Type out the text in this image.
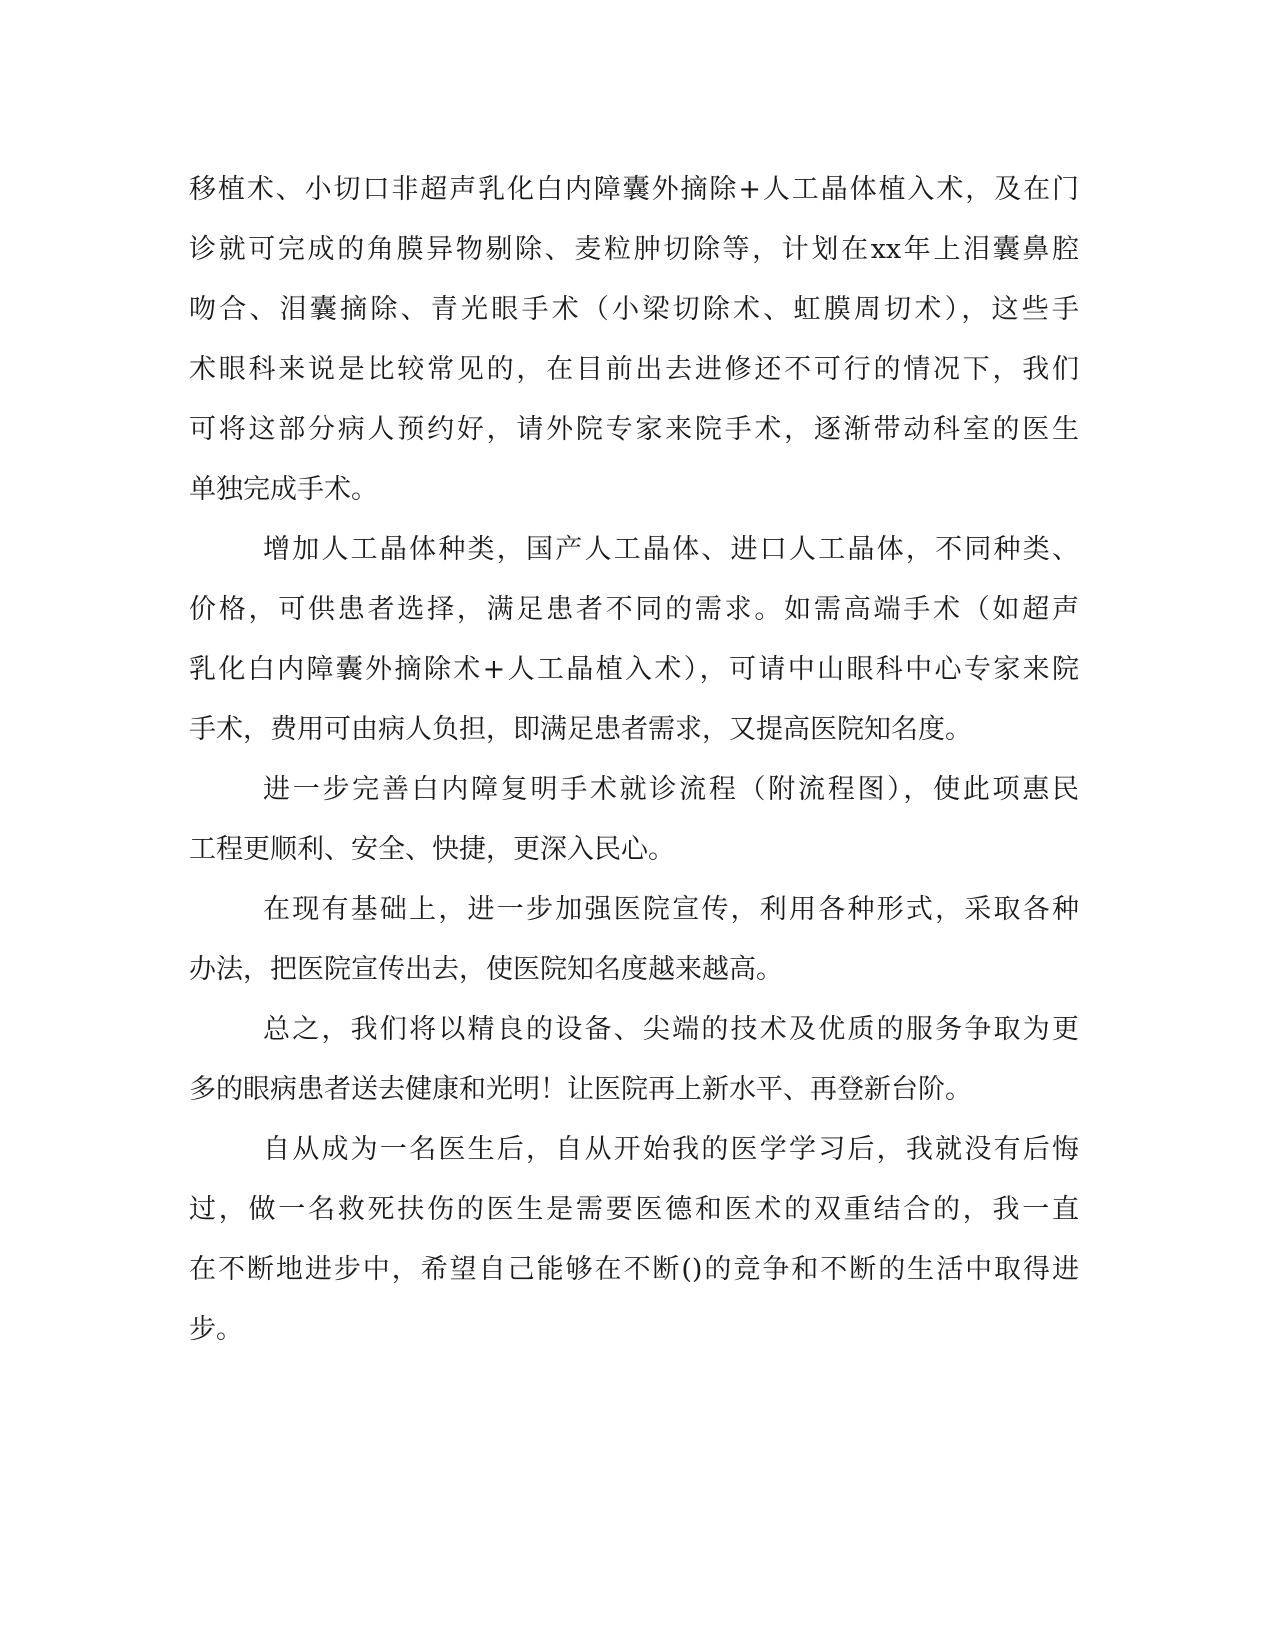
移植术、小切口非超声乳化白内障囊外摘除+人工晶体植入术，及在门
诊就可完成的角膜异物剔除、麦粒肿切除等，计划在xx年上泪囊鼻腔
吻合、泪囊摘除、青光眼手术（小梁切除术、虹膜周切术），这些手
术眼科来说是比较常见的，在目前出去进修还不可行的情况下，我们
可将这部分病人预约好，请外院专家来院手术，逐渐带动科室的医生
单独完成手术。
增加人工晶体种类，国产人工晶体、进口人工晶体，不同种类、
价格，可供患者选择，满足患者不同的需求。如需高端手术（如超声
乳化白内障囊外摘除术+人工晶植入术），可请中山眼科中心专家来院
手术，费用可由病人负担，即满足患者需求，又提高医院知名度。
进一步完善白内障复明手术就诊流程（附流程图），使此项惠民
工程更顺利、安全、快捷，更深入民心。
在现有基础上，进一步加强医院宣传，利用各种形式，采取各种
办法，把医院宣传出去，使医院知名度越来越高。
总之，我们将以精良的设备、尖端的技术及优质的服务争取为更
多的眼病患者送去健康和光明！让医院再上新水平、再登新台阶。
自从成为一名医生后，自从开始我的医学学习后，我就没有后悔
过，做一名救死扶伤的医生是需要医德和医术的双重结合的，我一直
在不断地进步中，希望自己能够在不断()的竞争和不断的生活中取得进
步。
